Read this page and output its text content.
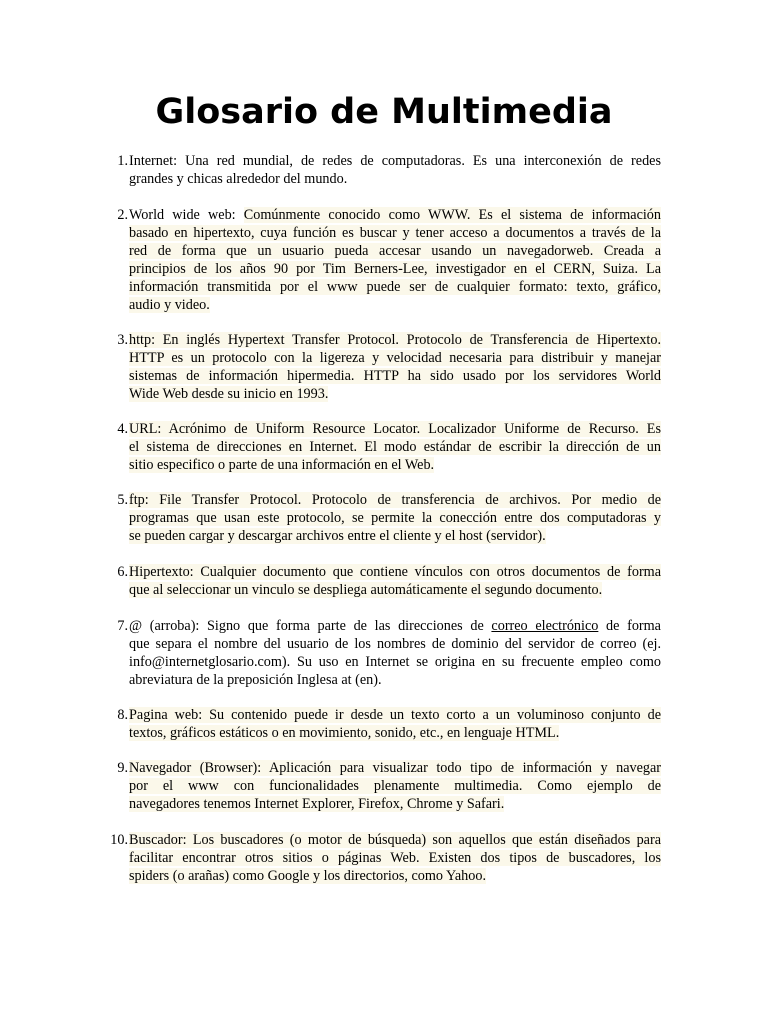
Glosario de Multimedia
1. Internet: Una red mundial, de redes de computadoras. Es una interconexión de redes
grandes y chicas alrededor del mundo.
2. World wide web: Comúnmente conocido como WWW. Es el sistema de información
basado en hipertexto, cuya función es buscar y tener acceso a documentos a través de la
red de forma que un usuario pueda accesar usando un navegadorweb. Creada a
principios de los años 90 por Tim Berners-Lee, investigador en el CERN, Suiza. La
información transmitida por el www puede ser de cualquier formato: texto, gráfico,
audio y video.
3. http: En inglés Hypertext Transfer Protocol. Protocolo de Transferencia de Hipertexto.
HTTP es un protocolo con la ligereza y velocidad necesaria para distribuir y manejar
sistemas de información hipermedia. HTTP ha sido usado por los servidores World
Wide Web desde su inicio en 1993.
4. URL: Acrónimo de Uniform Resource Locator. Localizador Uniforme de Recurso. Es
el sistema de direcciones en Internet. El modo estándar de escribir la dirección de un
sitio especifico o parte de una información en el Web.
5. ftp: File Transfer Protocol. Protocolo de transferencia de archivos. Por medio de
programas que usan este protocolo, se permite la conección entre dos computadoras y
se pueden cargar y descargar archivos entre el cliente y el host (servidor).
6. Hipertexto: Cualquier documento que contiene vínculos con otros documentos de forma
que al seleccionar un vinculo se despliega automáticamente el segundo documento.
7. @ (arroba): Signo que forma parte de las direcciones de correo electrónico de forma
que separa el nombre del usuario de los nombres de dominio del servidor de correo (ej.
info@internetglosario.com). Su uso en Internet se origina en su frecuente empleo como
abreviatura de la preposición Inglesa at (en).
8. Pagina web: Su contenido puede ir desde un texto corto a un voluminoso conjunto de
textos, gráficos estáticos o en movimiento, sonido, etc., en lenguaje HTML.
9. Navegador (Browser): Aplicación para visualizar todo tipo de información y navegar
por el www con funcionalidades plenamente multimedia. Como ejemplo de
navegadores tenemos Internet Explorer, Firefox, Chrome y Safari.
10. Buscador: Los buscadores (o motor de búsqueda) son aquellos que están diseñados para
facilitar encontrar otros sitios o páginas Web. Existen dos tipos de buscadores, los
spiders (o arañas) como Google y los directorios, como Yahoo.
